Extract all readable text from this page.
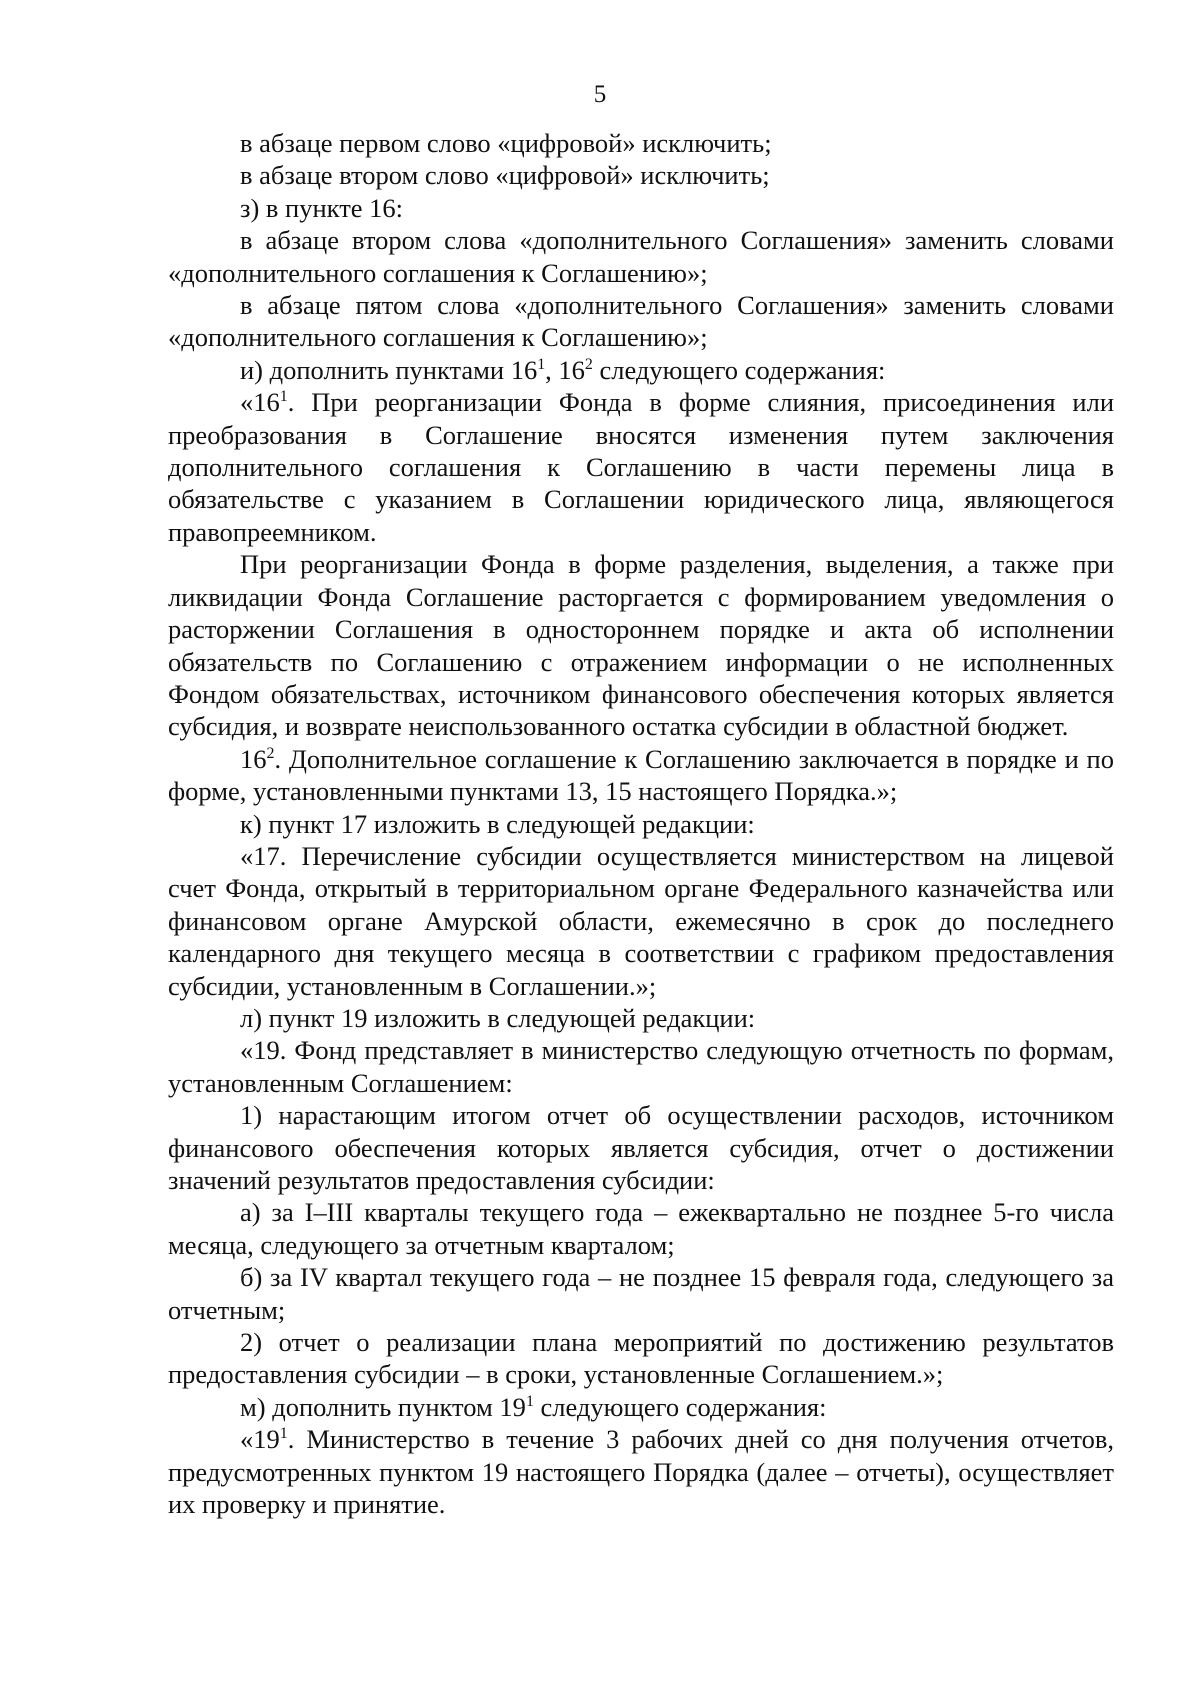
5

в абзаце первом слово «цифровой» исключить;

в абзаце втором слово «цифровой» исключить;

з) в пункте 16:

в абзаце втором слова «дополнительного Соглашения» заменить словами «дополнительного соглашения к Соглашению»;

в абзаце пятом слова «дополнительного Соглашения» заменить словами «дополнительного соглашения к Соглашению»;

и) дополнить пунктами $16^1$, $16^2$ следующего содержания:

«$16^1$. При реорганизации Фонда в форме слияния, присоединения или преобразования в Соглашение вносятся изменения путем заключения дополнительного соглашения к Соглашению в части перемены лица в обязательстве с указанием в Соглашении юридического лица, являющегося правопреемником.

При реорганизации Фонда в форме разделения, выделения, а также при ликвидации Фонда Соглашение расторгается с формированием уведомления о расторжении Соглашения в одностороннем порядке и акта об исполнении обязательств по Соглашению с отражением информации о не исполненных Фондом обязательствах, источником финансового обеспечения которых является субсидия, и возврате неиспользованного остатка субсидии в областной бюджет.

$16^2$. Дополнительное соглашение к Соглашению заключается в порядке и по форме, установленными пунктами 13, 15 настоящего Порядка.»;

к) пункт 17 изложить в следующей редакции:

«17. Перечисление субсидии осуществляется министерством на лицевой счет Фонда, открытый в территориальном органе Федерального казначейства или финансовом органе Амурской области, ежемесячно в срок до последнего календарного дня текущего месяца в соответствии с графиком предоставления субсидии, установленным в Соглашении.»;

л) пункт 19 изложить в следующей редакции:

«19. Фонд представляет в министерство следующую отчетность по формам, установленным Соглашением:

1) нарастающим итогом отчет об осуществлении расходов, источником финансового обеспечения которых является субсидия, отчет о достижении значений результатов предоставления субсидии:

а) за I–III кварталы текущего года – ежеквартально не позднее 5-го числа месяца, следующего за отчетным кварталом;

б) за IV квартал текущего года – не позднее 15 февраля года, следующего за отчетным;

2) отчет о реализации плана мероприятий по достижению результатов предоставления субсидии – в сроки, установленные Соглашением.»;

м) дополнить пунктом $19^1$ следующего содержания:

«$19^1$. Министерство в течение 3 рабочих дней со дня получения отчетов, предусмотренных пунктом 19 настоящего Порядка (далее – отчеты), осуществляет их проверку и принятие.
